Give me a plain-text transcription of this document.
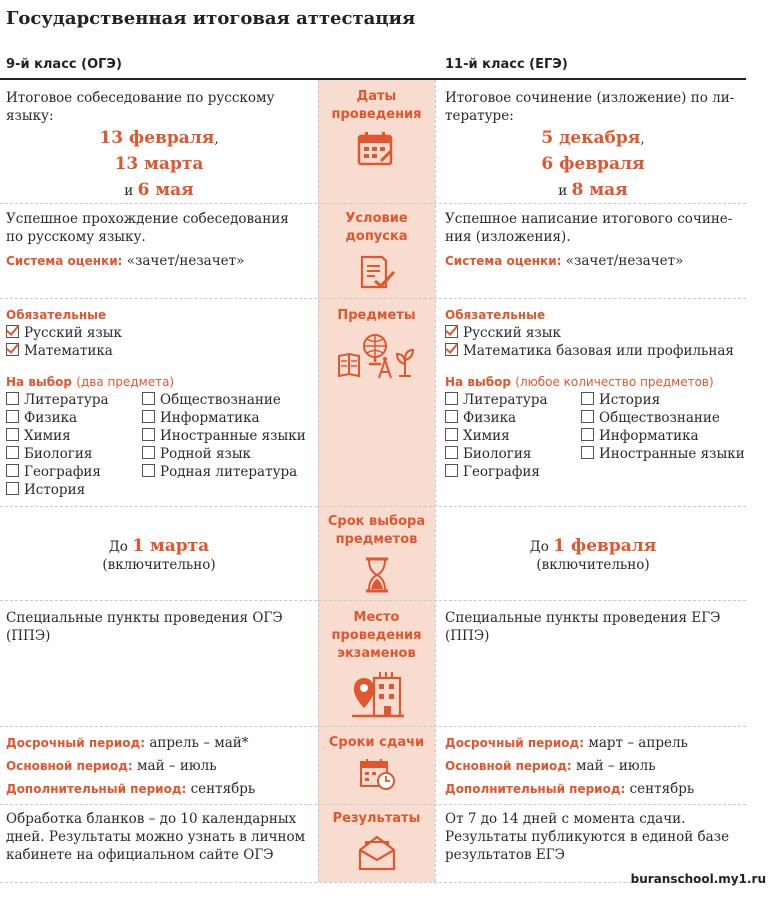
Государственная итоговая аттестация
9-й класс (ОГЭ)	11-й класс (ЕГЭ)
Даты
проведения
Итоговое собеседование по русскому
языку:
13 февраля,
13 марта
и 6 мая
Итоговое сочинение (изложение) по ли-
тературе:
5 декабря,
6 февраля
и 8 мая
Условие
допуска
Успешное прохождение собеседования
по русскому языку.
Система оценки: «зачет/незачет»
Успешное написание итогового сочине-
ния (изложения).
Система оценки: «зачет/незачет»
Предметы
Обязательные
Русский язык
Математика
На выбор (два предмета)
Литература
Физика
Химия
Биология
География
История
Обществознание
Информатика
Иностранные языки
Родной язык
Родная литература
Обязательные
Русский язык
Математика базовая или профильная
На выбор (любое количество предметов)
Литература
Физика
Химия
Биология
География
История
Обществознание
Информатика
Иностранные языки
Срок выбора
предметов
До 1 марта
(включительно)
До 1 февраля
(включительно)
Место
проведения
экзаменов
Специальные пункты проведения ОГЭ
(ППЭ)
Специальные пункты проведения ЕГЭ
(ППЭ)
Сроки сдачи
Досрочный период: апрель – май*
Основной период: май – июль
Дополнительный период: сентябрь
Досрочный период: март – апрель
Основной период: май – июль
Дополнительный период: сентябрь
Результаты
Обработка бланков – до 10 календарных
дней. Результаты можно узнать в личном
кабинете на официальном сайте ОГЭ
От 7 до 14 дней с момента сдачи.
Результаты публикуются в единой базе
результатов ЕГЭ
buranschool.my1.ru
